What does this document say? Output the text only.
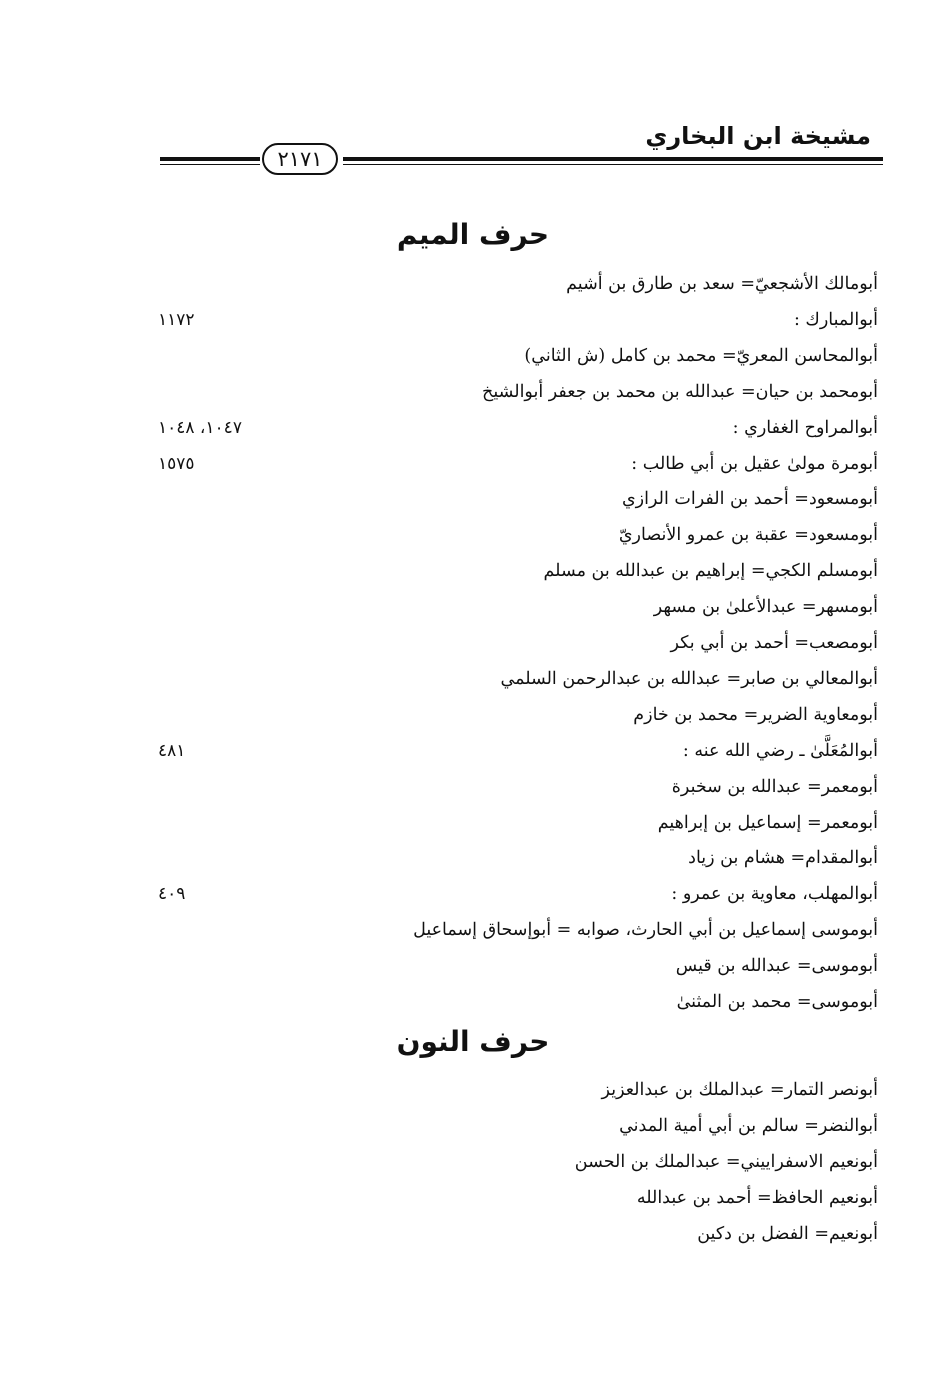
مشيخة ابن البخاري
٢١٧١
حرف الميم
أبومالك الأشجعيّ= سعد بن طارق بن أشيم
أبوالمبارك :
١١٧٢
أبوالمحاسن المعريّ= محمد بن كامل (ش الثاني)
أبومحمد بن حيان= عبدالله بن محمد بن جعفر أبوالشيخ
أبوالمراوح الغفاري :
١٠٤٧، ١٠٤٨
أبومرة مولىٰ عقيل بن أبي طالب :
١٥٧٥
أبومسعود= أحمد بن الفرات الرازي
أبومسعود= عقبة بن عمرو الأنصاريّ
أبومسلم الكجي= إبراهيم بن عبدالله بن مسلم
أبومسهر= عبدالأعلىٰ بن مسهر
أبومصعب= أحمد بن أبي بكر
أبوالمعالي بن صابر= عبدالله بن عبدالرحمن السلمي
أبومعاوية الضرير= محمد بن خازم
أبوالمُعَلَّىٰ ـ رضي الله عنه :
٤٨١
أبومعمر= عبدالله بن سخبرة
أبومعمر= إسماعيل بن إبراهيم
أبوالمقدام= هشام بن زياد
أبوالمهلب، معاوية بن عمرو :
٤٠٩
أبوموسى إسماعيل بن أبي الحارث، صوابه = أبوإسحاق إسماعيل
أبوموسى= عبدالله بن قيس
أبوموسى= محمد بن المثنىٰ
حرف النون
أبونصر التمار= عبدالملك بن عبدالعزيز
أبوالنضر= سالم بن أبي أمية المدني
أبونعيم الاسفراييني= عبدالملك بن الحسن
أبونعيم الحافظ= أحمد بن عبدالله
أبونعيم= الفضل بن دكين
